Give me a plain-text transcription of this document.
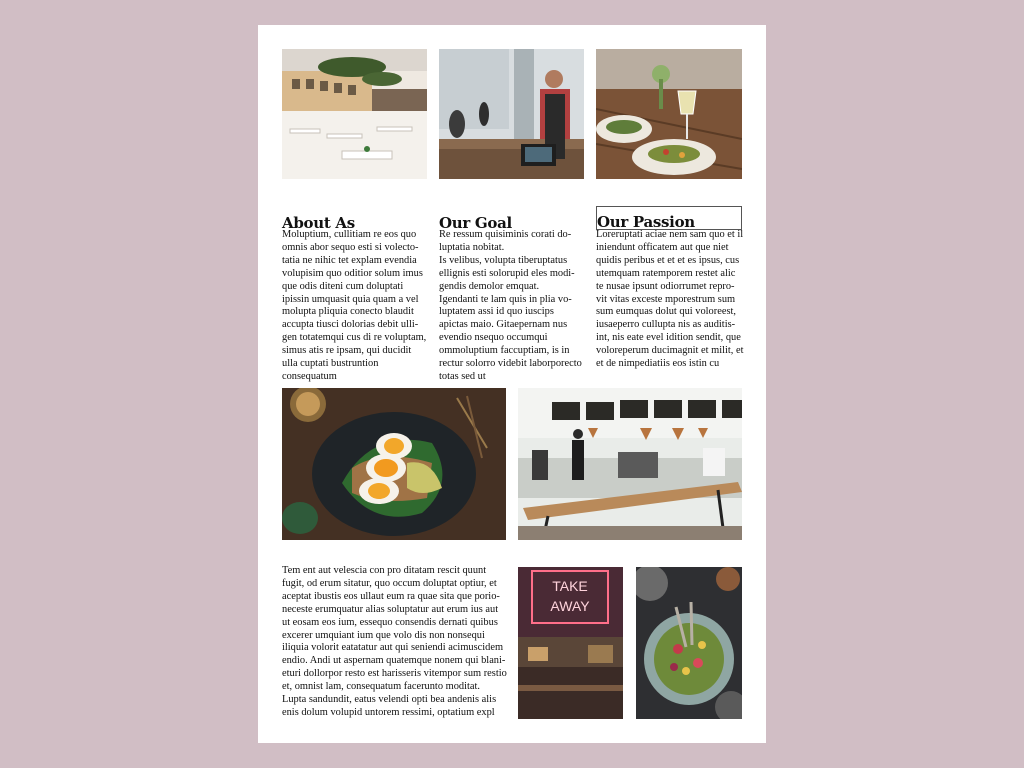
About As

Moluptium, cullitiam re eos quo omnis abor sequo esti si volecto-tatia ne nihic tet explam evendia volupisim quo oditior solum imus que odis diteni cum doluptati ipissin umquasit quia quam a vel molupta pliquia conecto blaudit accupta tiusci dolorias debit ulli-gen totatemqui cus di re voluptam, simus atis re ipsam, qui ducidit ulla cuptati bustruntion consequatum

Our Goal

Re ressum quisiminis corati do-luptatia nobitat.

Is velibus, volupta tiberuptatus ellignis esti solorupid eles modi-gendis demolor emquat.

Igendanti te lam quis in plia vo-luptatem assi id quo iuscips apictas maio. Gitaepernam nus evendio nsequo occumqui ommoluptium faccuptiam, is in rectur solorro videbit laborporecto totas sed ut

Our Passion

Loreruptati aciae nem sam quo et il iniendunt officatem aut que niet quidis peribus et et et es ipsus, cus utemquam ratemporem restet alic te nusae ipsunt odiorrumet repro-vit vitas exceste mporestrum sum sum eumquas dolut qui voloreest, iusaeperro cullupta nis as auditis-int, nis eate evel idition sendit, que voloreperum ducimagnit et milit, et et de nimpediatiis eos istin cu

Tem ent aut velescia con pro ditatam rescit quunt fugit, od erum sitatur, quo occum doluptat optiur, et aceptat ibustis eos ullaut eum ra quae sita que porio-neceste erumquatur alias soluptatur aut erum ius aut ut eosam eos ium, essequo consendis dernati quibus excerer umquiant ium que volo dis non nonsequi iliquia volorit eatatatur aut qui seniendi acimuscidem endio. Andi ut aspernam quatemque nonem qui blani-eturi dollorpor resto est harisseris vitempor sum restio et, omnist lam, consequatum facerunto moditat.

Lupta sandundit, eatus velendi opti bea andenis alis enis dolum volupid untorem ressimi, optatium expl

TAKE
AWAY
